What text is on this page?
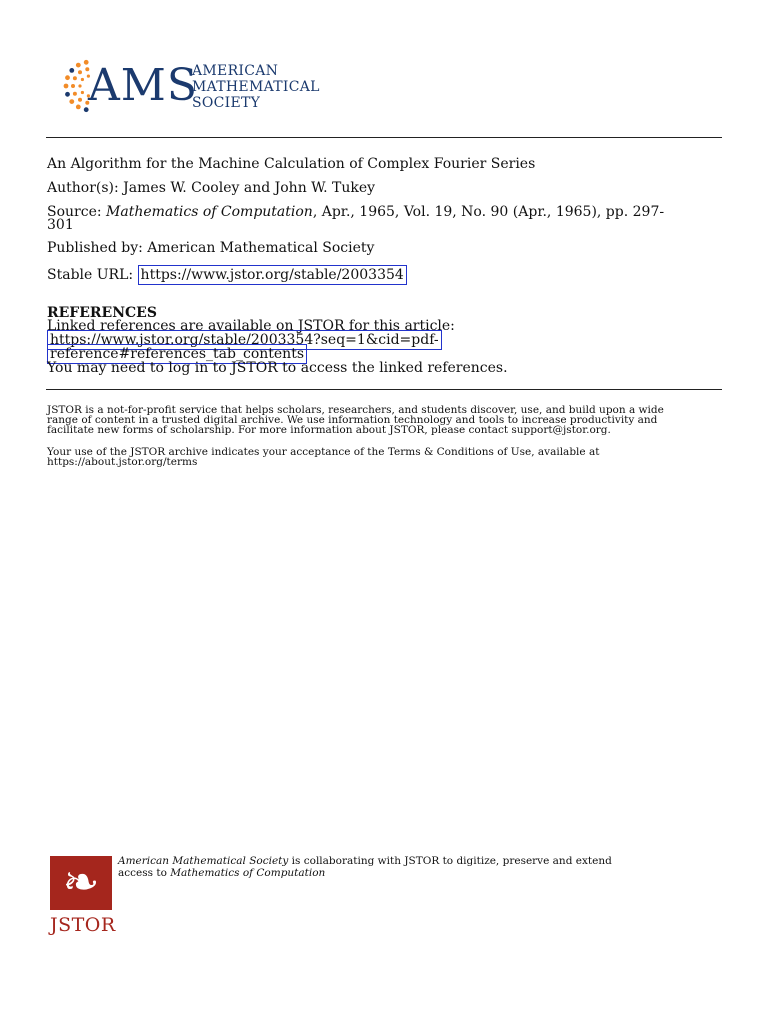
AMS
AMERICAN
MATHEMATICAL
SOCIETY
An Algorithm for the Machine Calculation of Complex Fourier Series
Author(s): James W. Cooley and John W. Tukey
Source: Mathematics of Computation, Apr., 1965, Vol. 19, No. 90 (Apr., 1965), pp. 297-
301
Published by: American Mathematical Society
Stable URL: https://www.jstor.org/stable/2003354
REFERENCES
Linked references are available on JSTOR for this article:
https://www.jstor.org/stable/2003354?seq=1&cid=pdf-
reference#references_tab_contents
You may need to log in to JSTOR to access the linked references.
JSTOR is a not-for-profit service that helps scholars, researchers, and students discover, use, and build upon a wide
range of content in a trusted digital archive. We use information technology and tools to increase productivity and
facilitate new forms of scholarship. For more information about JSTOR, please contact support@jstor.org.
Your use of the JSTOR archive indicates your acceptance of the Terms & Conditions of Use, available at
https://about.jstor.org/terms
❧
JSTOR
American Mathematical Society is collaborating with JSTOR to digitize, preserve and extend
access to Mathematics of Computation
